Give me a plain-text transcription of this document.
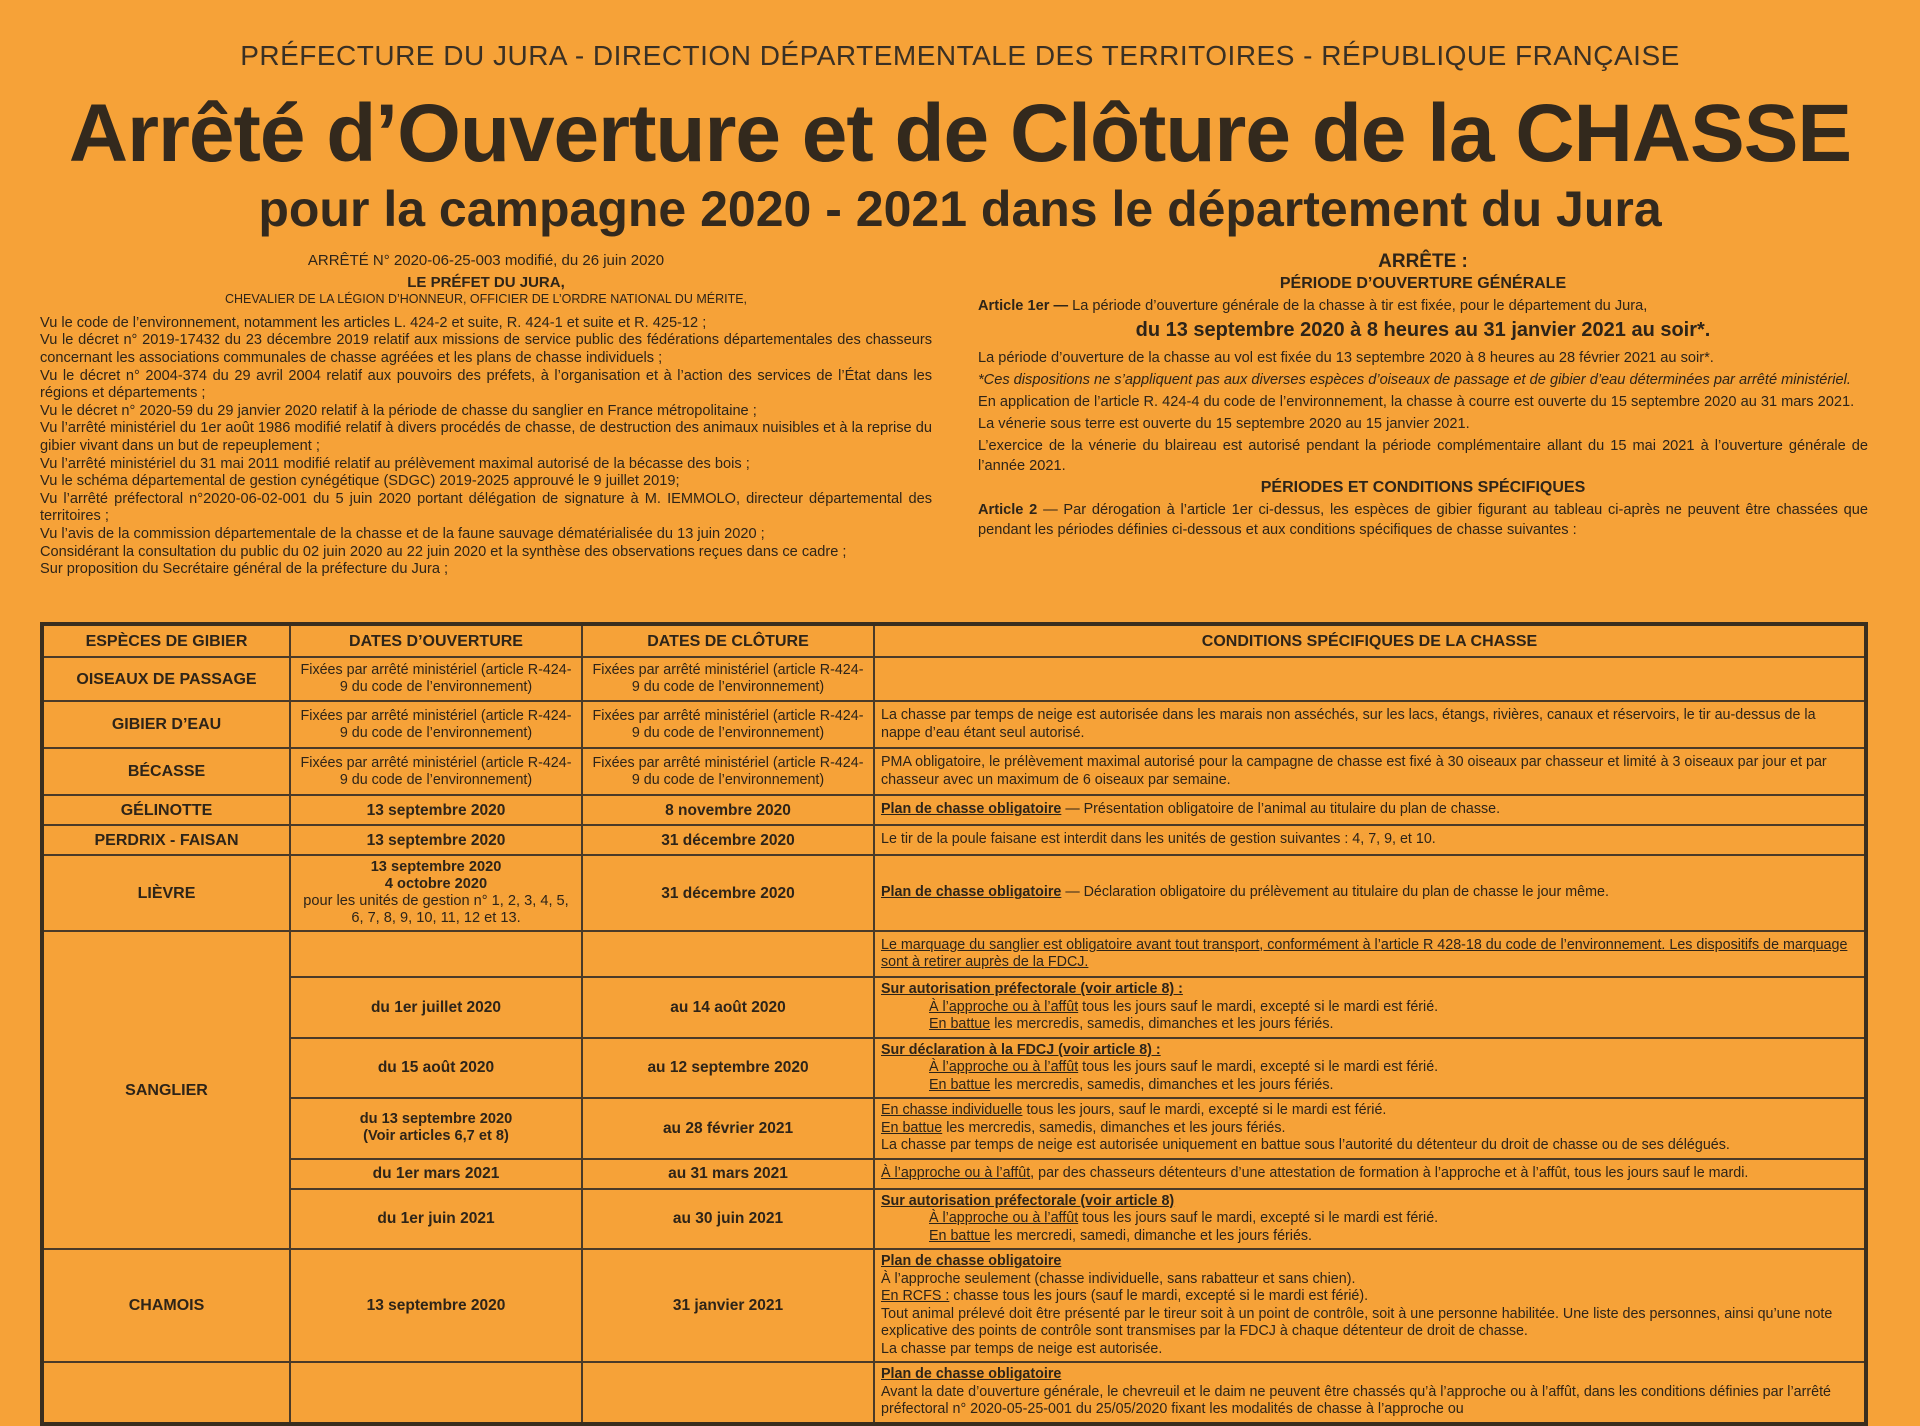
PRÉFECTURE DU JURA - DIRECTION DÉPARTEMENTALE DES TERRITOIRES - RÉPUBLIQUE FRANÇAISE
Arrêté d’Ouverture et de Clôture de la CHASSE
pour la campagne 2020 - 2021 dans le département du Jura
ARRÊTÉ N° 2020-06-25-003 modifié, du 26 juin 2020
LE PRÉFET DU JURA,
CHEVALIER DE LA LÉGION D’HONNEUR, OFFICIER DE L’ORDRE NATIONAL DU MÉRITE,

Vu le code de l’environnement, notamment les articles L. 424-2 et suite, R. 424-1 et suite et R. 425-12 ;

Vu le décret n° 2019-17432 du 23 décembre 2019 relatif aux missions de service public des fédérations départementales des chasseurs concernant les associations communales de chasse agréées et les plans de chasse individuels ;

Vu le décret n° 2004-374 du 29 avril 2004 relatif aux pouvoirs des préfets, à l’organisation et à l’action des services de l’État dans les régions et départements ;

Vu le décret n° 2020-59 du 29 janvier 2020 relatif à la période de chasse du sanglier en France métropolitaine ;

Vu l’arrêté ministériel du 1er août 1986 modifié relatif à divers procédés de chasse, de destruction des animaux nuisibles et à la reprise du gibier vivant dans un but de repeuplement ;

Vu l’arrêté ministériel du 31 mai 2011 modifié relatif au prélèvement maximal autorisé de la bécasse des bois ;

Vu le schéma départemental de gestion cynégétique (SDGC) 2019-2025 approuvé le 9 juillet 2019;

Vu l’arrêté préfectoral n°2020-06-02-001 du 5 juin 2020 portant délégation de signature à M. IEMMOLO, directeur départemental des territoires ;

Vu l’avis de la commission départementale de la chasse et de la faune sauvage dématérialisée du 13 juin 2020 ;

Considérant la consultation du public du 02 juin 2020 au 22 juin 2020 et la synthèse des observations reçues dans ce cadre ;

Sur proposition du Secrétaire général de la préfecture du Jura ;

ARRÊTE :

PÉRIODE D’OUVERTURE GÉNÉRALE

Article 1er — La période d’ouverture générale de la chasse à tir est fixée, pour le département du Jura,

du 13 septembre 2020 à 8 heures au 31 janvier 2021 au soir*.

La période d’ouverture de la chasse au vol est fixée du 13 septembre 2020 à 8 heures au 28 février 2021 au soir*.

*Ces dispositions ne s’appliquent pas aux diverses espèces d’oiseaux de passage et de gibier d’eau déterminées par arrêté ministériel.

En application de l’article R. 424-4 du code de l’environnement, la chasse à courre est ouverte du 15 septembre 2020 au 31 mars 2021.

La vénerie sous terre est ouverte du 15 septembre 2020 au 15 janvier 2021.

L’exercice de la vénerie du blaireau est autorisé pendant la période complémentaire allant du 15 mai 2021 à l’ouverture générale de l’année 2021.

PÉRIODES ET CONDITIONS SPÉCIFIQUES

Article 2 — Par dérogation à l’article 1er ci-dessus, les espèces de gibier figurant au tableau ci-après ne peuvent être chassées que pendant les périodes définies ci-dessous et aux conditions spécifiques de chasse suivantes :

ESPÈCES DE GIBIER	DATES D’OUVERTURE	DATES DE CLÔTURE	CONDITIONS SPÉCIFIQUES DE LA CHASSE
OISEAUX DE PASSAGE	Fixées par arrêté ministériel (article R-424-9 du code de l’environnement)	Fixées par arrêté ministériel (article R-424-9 du code de l’environnement)	
GIBIER D’EAU	Fixées par arrêté ministériel (article R-424-9 du code de l’environnement)	Fixées par arrêté ministériel (article R-424-9 du code de l’environnement)	La chasse par temps de neige est autorisée dans les marais non asséchés, sur les lacs, étangs, rivières, canaux et réservoirs, le tir au-dessus de la nappe d’eau étant seul autorisé.
BÉCASSE	Fixées par arrêté ministériel (article R-424-9 du code de l’environnement)	Fixées par arrêté ministériel (article R-424-9 du code de l’environnement)	PMA obligatoire, le prélèvement maximal autorisé pour la campagne de chasse est fixé à 30 oiseaux par chasseur et limité à 3 oiseaux par jour et par chasseur avec un maximum de 6 oiseaux par semaine.
GÉLINOTTE	13 septembre 2020	8 novembre 2020	Plan de chasse obligatoire — Présentation obligatoire de l’animal au titulaire du plan de chasse.
PERDRIX - FAISAN	13 septembre 2020	31 décembre 2020	Le tir de la poule faisane est interdit dans les unités de gestion suivantes : 4, 7, 9, et 10.
LIÈVRE	13 septembre 2020
4 octobre 2020
pour les unités de gestion n° 1, 2, 3, 4, 5, 6, 7, 8, 9, 10, 11, 12 et 13.	31 décembre 2020	Plan de chasse obligatoire — Déclaration obligatoire du prélèvement au titulaire du plan de chasse le jour même.
SANGLIER			Le marquage du sanglier est obligatoire avant tout transport, conformément à l’article R 428-18 du code de l’environnement. Les dispositifs de marquage sont à retirer auprès de la FDCJ.
	du 1er juillet 2020	au 14 août 2020	Sur autorisation préfectorale (voir article 8) :
À l’approche ou à l’affût tous les jours sauf le mardi, excepté si le mardi est férié.
En battue les mercredis, samedis, dimanches et les jours fériés.

	du 15 août 2020	au 12 septembre 2020	Sur déclaration à la FDCJ (voir article 8) :
À l’approche ou à l’affût tous les jours sauf le mardi, excepté si le mardi est férié.
En battue les mercredis, samedis, dimanches et les jours fériés.

	du 13 septembre 2020
(Voir articles 6,7 et 8)	au 28 février 2021	En chasse individuelle tous les jours, sauf le mardi, excepté si le mardi est férié.
En battue les mercredis, samedis, dimanches et les jours fériés.
La chasse par temps de neige est autorisée uniquement en battue sous l’autorité du détenteur du droit de chasse ou de ses délégués.

	du 1er mars 2021	au 31 mars 2021	À l’approche ou à l’affût, par des chasseurs détenteurs d’une attestation de formation à l’approche et à l’affût, tous les jours sauf le mardi.
	du 1er juin 2021	au 30 juin 2021	Sur autorisation préfectorale (voir article 8)
À l’approche ou à l’affût tous les jours sauf le mardi, excepté si le mardi est férié.
En battue les mercredi, samedi, dimanche et les jours fériés.

CHAMOIS	13 septembre 2020	31 janvier 2021	Plan de chasse obligatoire
À l’approche seulement (chasse individuelle, sans rabatteur et sans chien).
En RCFS : chasse tous les jours (sauf le mardi, excepté si le mardi est férié).
Tout animal prélevé doit être présenté par le tireur soit à un point de contrôle, soit à une personne habilitée. Une liste des personnes, ainsi qu’une note explicative des points de contrôle sont transmises par la FDCJ à chaque détenteur de droit de chasse.
La chasse par temps de neige est autorisée.

			Plan de chasse obligatoire
Avant la date d’ouverture générale, le chevreuil et le daim ne peuvent être chassés qu’à l’approche ou à l’affût, dans les conditions définies par l’arrêté préfectoral n° 2020-05-25-001 du 25/05/2020 fixant les modalités de chasse à l’approche ou
